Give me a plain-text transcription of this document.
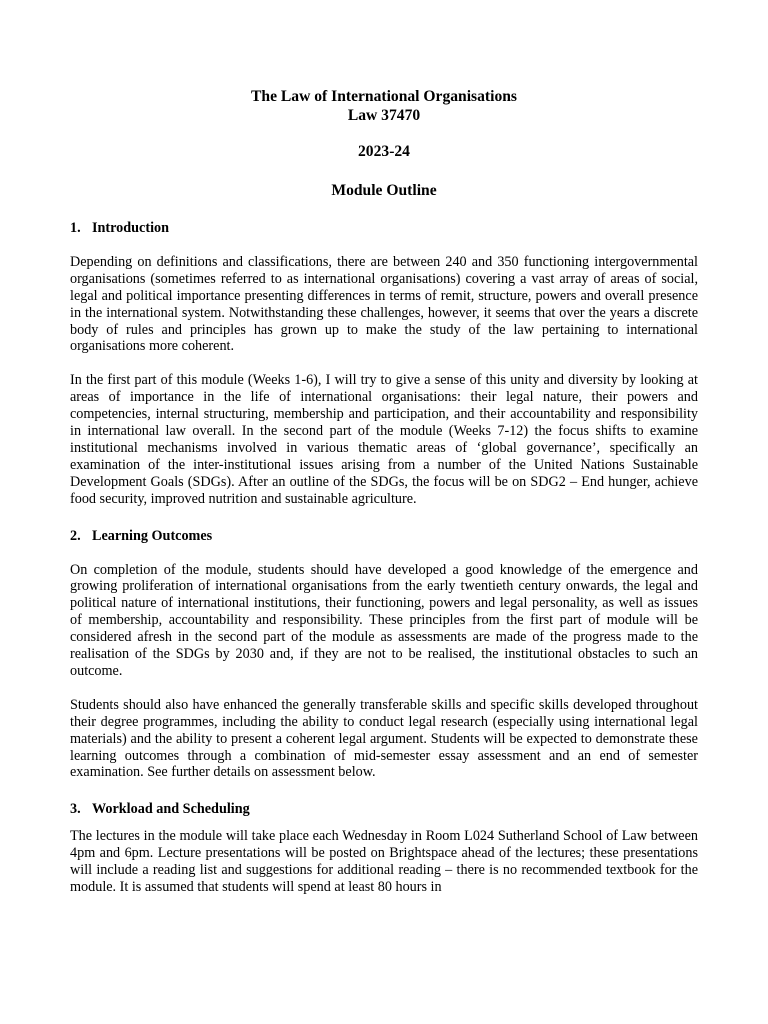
The Law of International Organisations
Law 37470
2023-24
Module Outline
1. Introduction

Depending on definitions and classifications, there are between 240 and 350 functioning intergovernmental organisations (sometimes referred to as international organisations) covering a vast array of areas of social, legal and political importance presenting differences in terms of remit, structure, powers and overall presence in the international system. Notwithstanding these challenges, however, it seems that over the years a discrete body of rules and principles has grown up to make the study of the law pertaining to international organisations more coherent.

In the first part of this module (Weeks 1-6), I will try to give a sense of this unity and diversity by looking at areas of importance in the life of international organisations: their legal nature, their powers and competencies, internal structuring, membership and participation, and their accountability and responsibility in international law overall. In the second part of the module (Weeks 7-12) the focus shifts to examine institutional mechanisms involved in various thematic areas of ‘global governance’, specifically an examination of the inter-institutional issues arising from a number of the United Nations Sustainable Development Goals (SDGs). After an outline of the SDGs, the focus will be on SDG2 – End hunger, achieve food security, improved nutrition and sustainable agriculture.

2. Learning Outcomes

On completion of the module, students should have developed a good knowledge of the emergence and growing proliferation of international organisations from the early twentieth century onwards, the legal and political nature of international institutions, their functioning, powers and legal personality, as well as issues of membership, accountability and responsibility. These principles from the first part of module will be considered afresh in the second part of the module as assessments are made of the progress made to the realisation of the SDGs by 2030 and, if they are not to be realised, the institutional obstacles to such an outcome.

Students should also have enhanced the generally transferable skills and specific skills developed throughout their degree programmes, including the ability to conduct legal research (especially using international legal materials) and the ability to present a coherent legal argument. Students will be expected to demonstrate these learning outcomes through a combination of mid-semester essay assessment and an end of semester examination. See further details on assessment below.

3. Workload and Scheduling

The lectures in the module will take place each Wednesday in Room L024 Sutherland School of Law between 4pm and 6pm. Lecture presentations will be posted on Brightspace ahead of the lectures; these presentations will include a reading list and suggestions for additional reading – there is no recommended textbook for the module. It is assumed that students will spend at least 80 hours in
